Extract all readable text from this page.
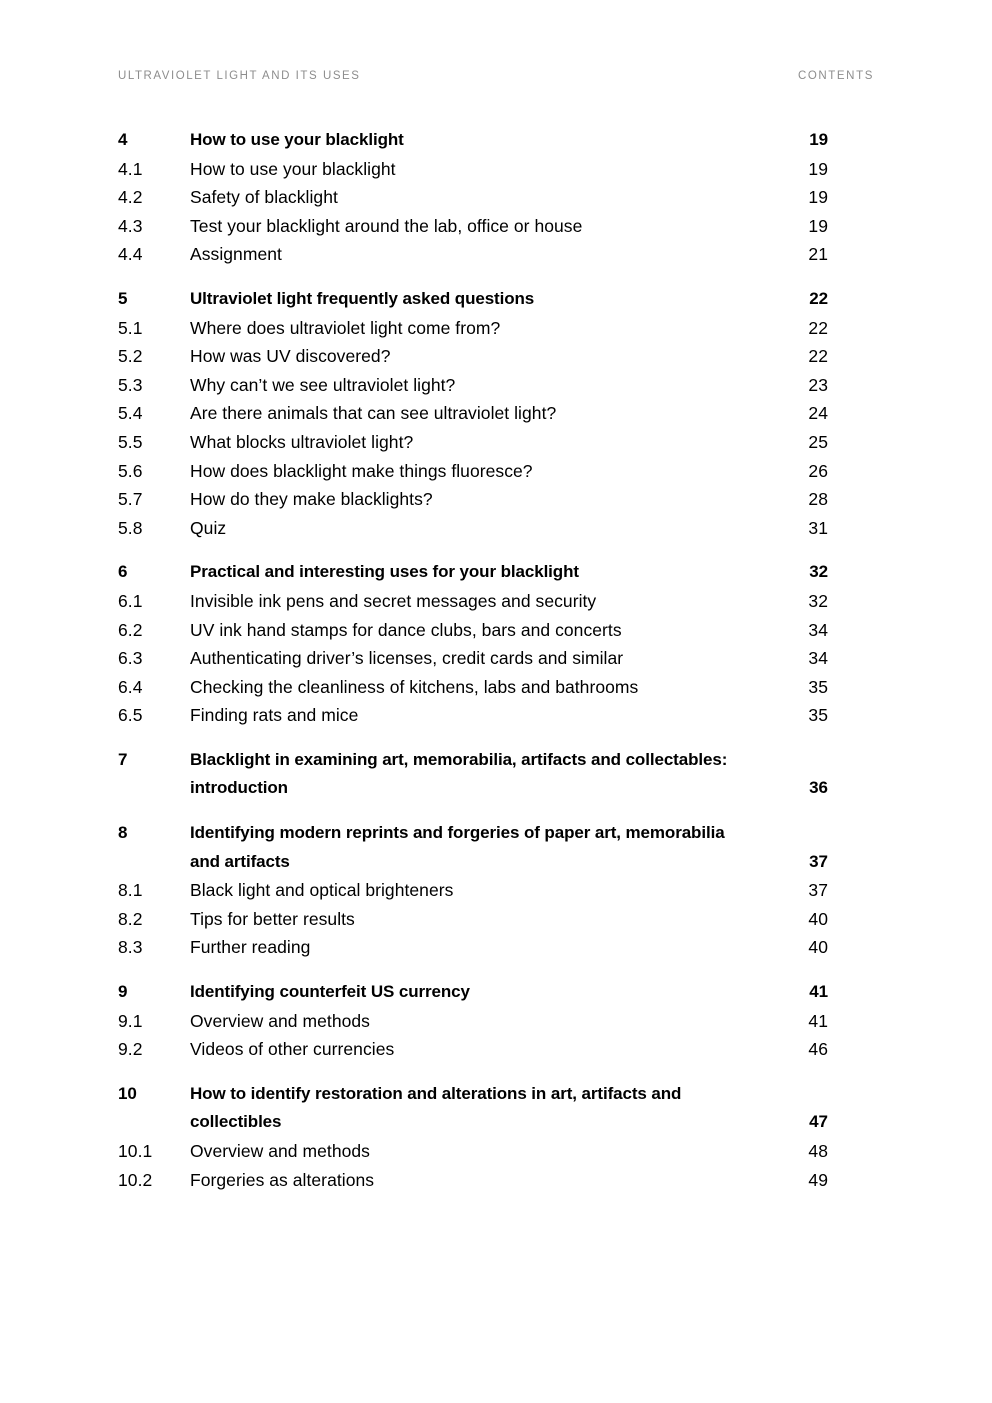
ULTRAVIOLET LIGHT AND ITS USES	CONTENTS
4	How to use your blacklight	19
4.1	How to use your blacklight	19
4.2	Safety of blacklight	19
4.3	Test your blacklight around the lab, office or house	19
4.4	Assignment	21
5	Ultraviolet light frequently asked questions	22
5.1	Where does ultraviolet light come from?	22
5.2	How was UV discovered?	22
5.3	Why can’t we see ultraviolet light?	23
5.4	Are there animals that can see ultraviolet light?	24
5.5	What blocks ultraviolet light?	25
5.6	How does blacklight make things fluoresce?	26
5.7	How do they make blacklights?	28
5.8	Quiz	31
6	Practical and interesting uses for your blacklight	32
6.1	Invisible ink pens and secret messages and security	32
6.2	UV ink hand stamps for dance clubs, bars and concerts	34
6.3	Authenticating driver’s licenses, credit cards and similar	34
6.4	Checking the cleanliness of kitchens, labs and bathrooms	35
6.5	Finding rats and mice	35
7	Blacklight in examining art, memorabilia, artifacts and collectables:
introduction	36
8	Identifying modern reprints and forgeries of paper art, memorabilia
and artifacts	37
8.1	Black light and optical brighteners	37
8.2	Tips for better results	40
8.3	Further reading	40
9	Identifying counterfeit US currency	41
9.1	Overview and methods	41
9.2	Videos of other currencies	46
10	How to identify restoration and alterations in art, artifacts and
collectibles	47
10.1	Overview and methods	48
10.2	Forgeries as alterations	49
